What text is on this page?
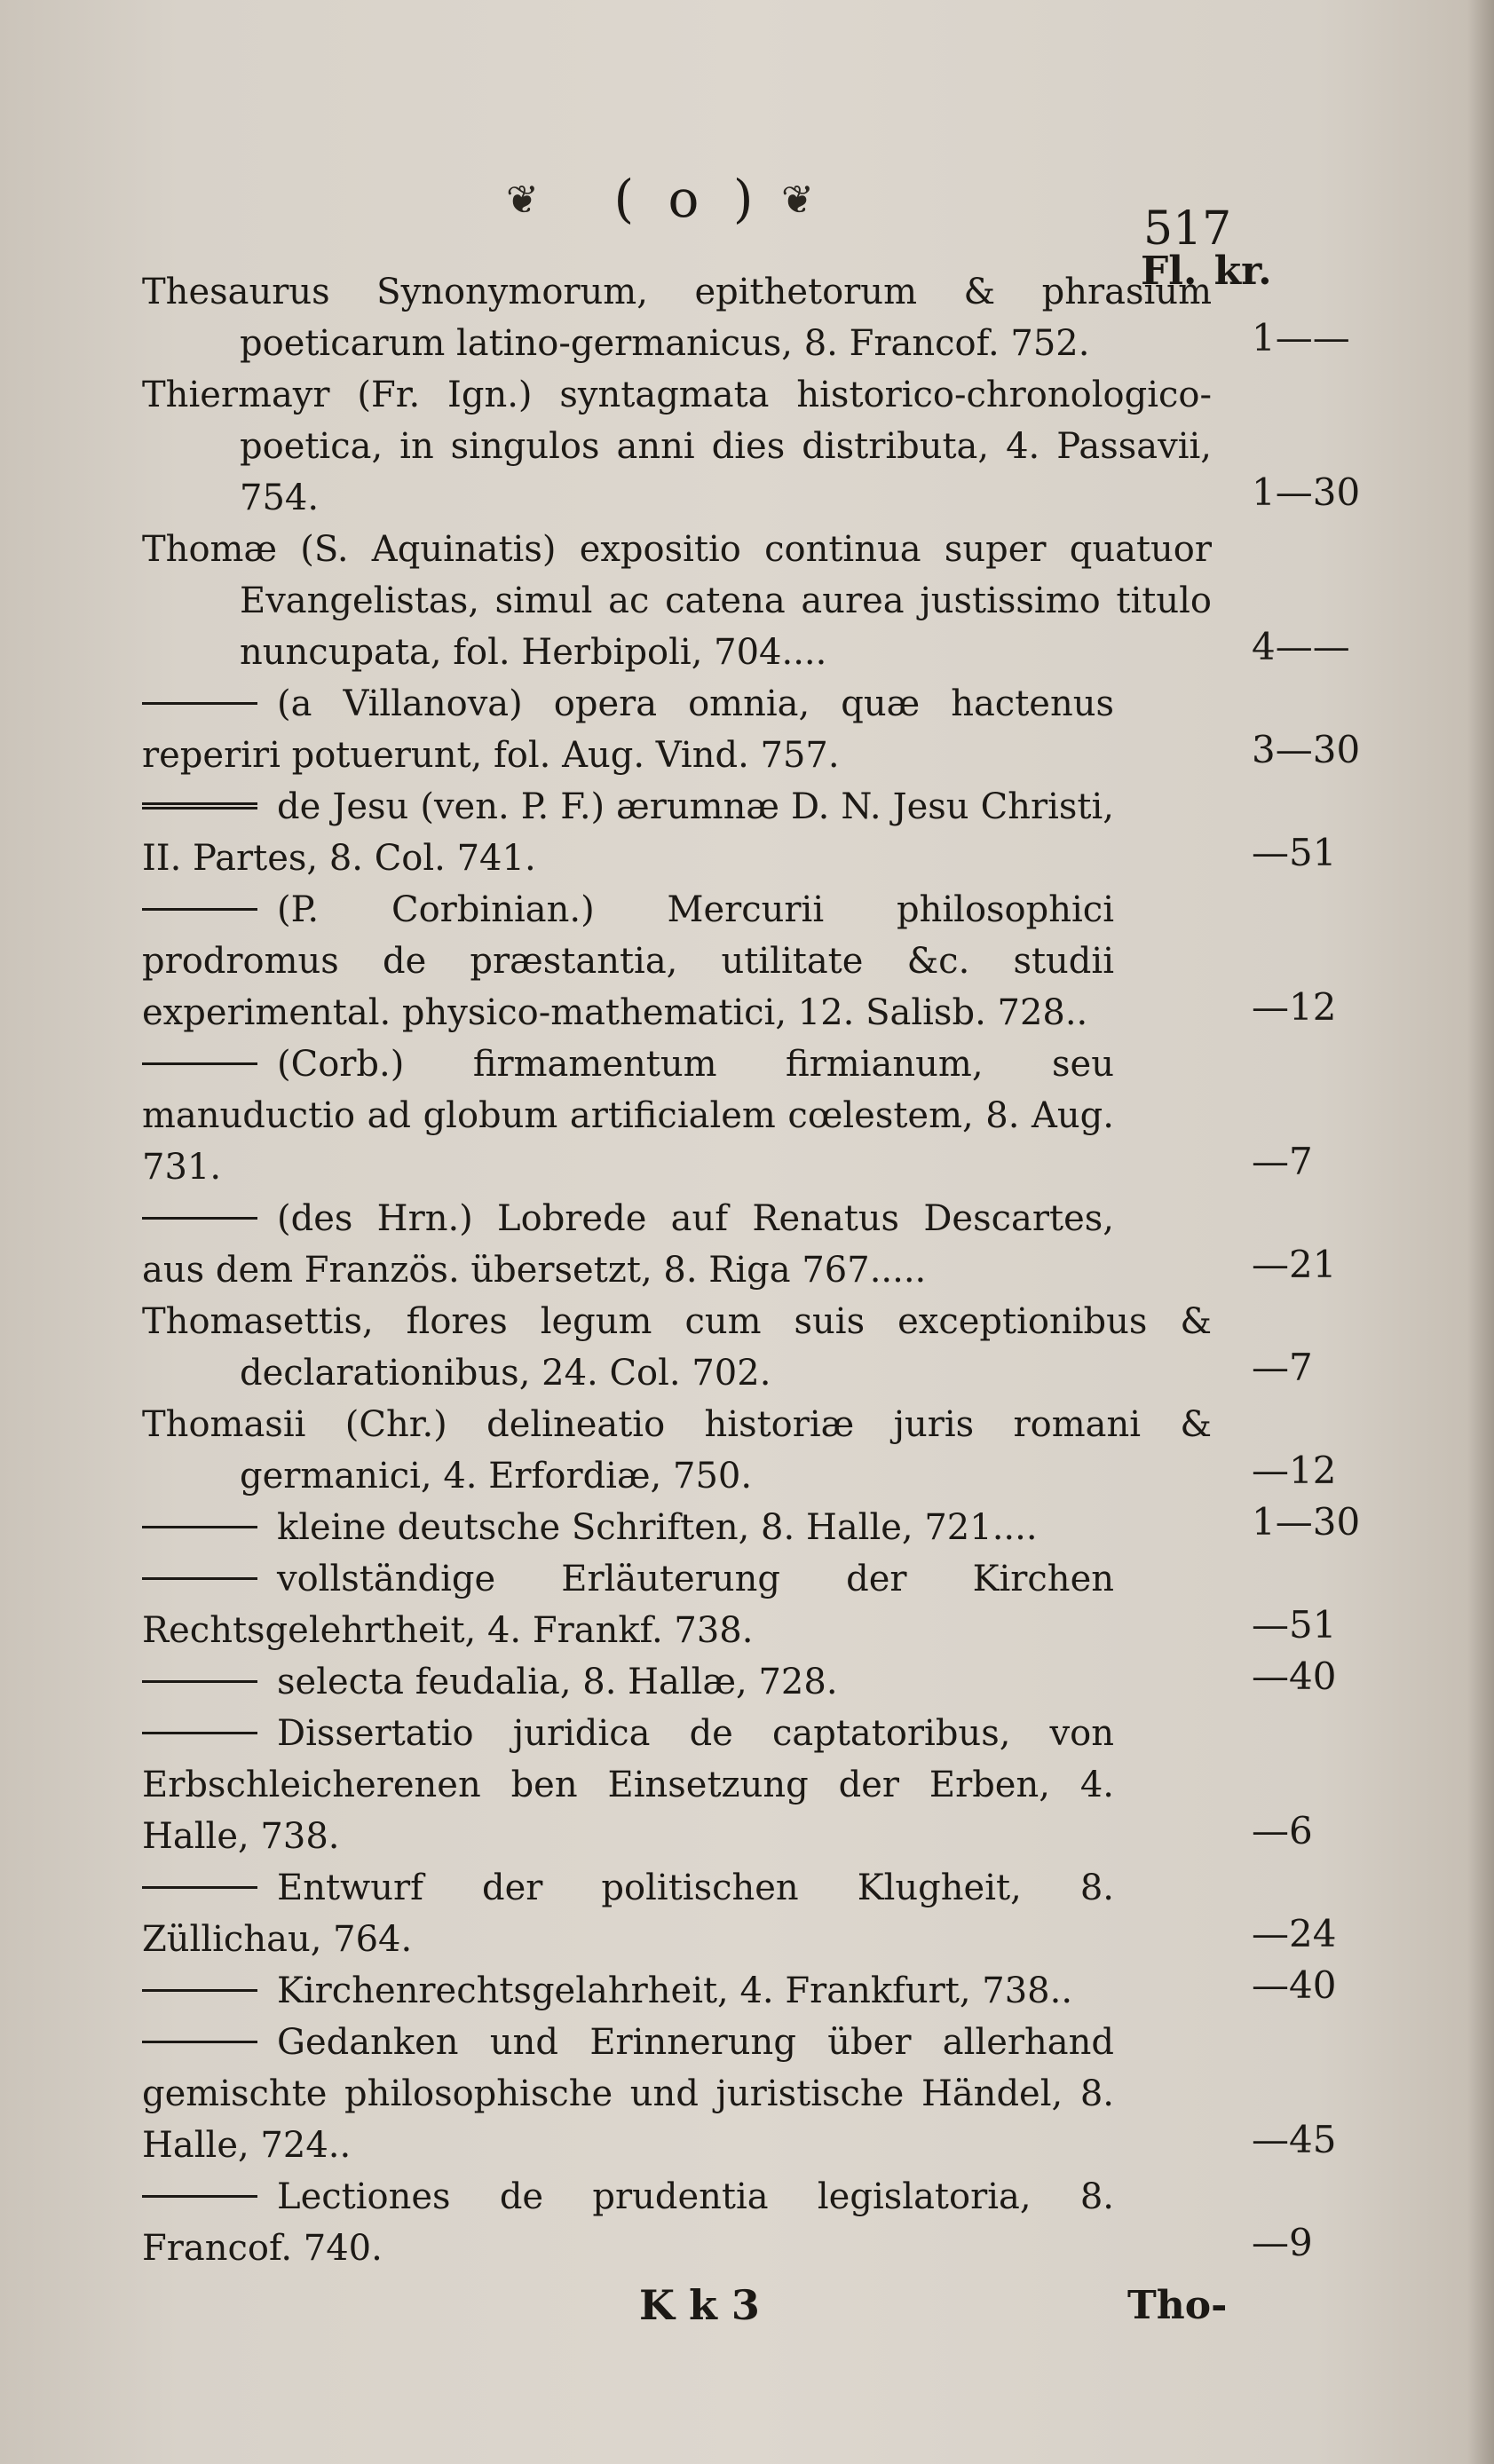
❦ ( o ) ❦
517
Fl. kr.
Thesaurus Synonymorum, epithetorum & phrasium poeticarum latino-germanicus, 8. Francof. 752.	1——
Thiermayr (Fr. Ign.) syntagmata historico-chronologico-poetica, in singulos anni dies distributa, 4. Passavii, 754.	1—30
Thomæ (S. Aquinatis) expositio continua super quatuor Evangelistas, simul ac catena aurea justissimo titulo nuncupata, fol. Herbipoli, 704....	4——
(a Villanova) opera omnia, quæ hactenus reperiri potuerunt, fol. Aug. Vind. 757.	3—30
de Jesu (ven. P. F.) ærumnæ D. N. Jesu Christi, II. Partes, 8. Col. 741.	—51
(P. Corbinian.) Mercurii philosophici prodromus de præstantia, utilitate &c. studii experimental. physico-mathematici, 12. Salisb. 728..	—12
(Corb.) firmamentum firmianum, seu manuductio ad globum artificialem cœlestem, 8. Aug. 731.	—7
(des Hrn.) Lobrede auf Renatus Descartes, aus dem Französ. übersetzt, 8. Riga 767.....	—21
Thomasettis, flores legum cum suis exceptionibus & declarationibus, 24. Col. 702.	—7
Thomasii (Chr.) delineatio historiæ juris romani & germanici, 4. Erfordiæ, 750.	—12
kleine deutsche Schriften, 8. Halle, 721....	1—30
vollständige Erläuterung der Kirchen Rechtsgelehrtheit, 4. Frankf. 738.	—51
selecta feudalia, 8. Hallæ, 728.	—40
Dissertatio juridica de captatoribus, von Erbschleicherenen ben Einsetzung der Erben, 4. Halle, 738.	—6
Entwurf der politischen Klugheit, 8. Züllichau, 764.	—24
Kirchenrechtsgelahrheit, 4. Frankfurt, 738..	—40
Gedanken und Erinnerung über allerhand gemischte philosophische und juristische Händel, 8. Halle, 724..	—45
Lectiones de prudentia legislatoria, 8. Francof. 740.	—9
Kk3	Tho-
